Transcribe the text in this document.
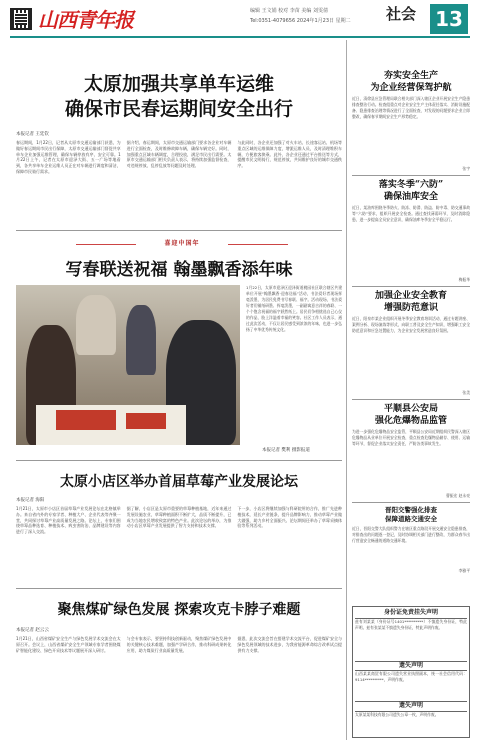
山西青年报	编辑 王文娟 校对 李苗 美编 刘雯倩
Tel:0351-4079656 2024年1月23日 星期二 社会 13
太原加强共享单车运维
确保市民春运期间安全出行
本报记者 王廷钦
春运期间，1月22日，记者从太原市交通运输部门获悉，为做好春运期间市民出行保障，太原市交通运输部门督促共享单车企业加强运维管理，确保车辆停放有序、安全可靠。1月22日上午，记者在太原市迎泽大街、五一广场等地看到，各共享单车企业运维人员正在对车辆进行调度和清洁，保障市民骑行需求。
据介绍，春运期间，太原市交通运输部门要求各企业对车辆进行全面检查，及时维修故障车辆，确保车辆完好。同时，加强重点区域车辆调度，合理投放，满足市民出行需要。太原市交通运输部门相关负责人表示，将持续加强监督检查，对违规停放、乱停乱放等问题及时处理。
与此同时，各企业还加强了对火车站、长途客运站、机场等重点区域的运维保障力度，增派运维人员，及时清理堆积车辆，方便旅客换乘。此外，各企业还通过平台推送等方式，提醒市民文明骑行，规范停放，共同维护良好的城市交通秩序。
喜迎中国年
写春联送祝福 翰墨飘香添年味
1月22日，太原市迎泽区迎泽街道桃园社区联合辖区共建单位开展“翰墨飘香·迎春送福”活动，书法爱好者现场挥毫泼墨，为居民免费书写春联、福字。活动现场，书法爱好者们铺纸研墨、挥毫泼墨，一副副寓意吉祥的春联、一个个饱含祝福的福字跃然纸上。居民们争相挑选自己心仪的作品，脸上洋溢着幸福的笑容。社区工作人员表示，通过此次活动，不仅让居民感受到浓浓的年味，也进一步弘扬了中华优秀传统文化。
本报记者 樊利 摄影报道
太原小店区举办首届草莓产业发展论坛
本报记者 海阳
1月21日，太原市小店区首届草莓产业发展论坛在北格镇举办。来自省内外的专家学者、种植大户、企业代表等齐聚一堂，共同探讨草莓产业高质量发展之路。论坛上，专家们围绕草莓品种选育、种植技术、病虫害防治、品牌建设等内容进行了深入交流。
据了解，小店区是太原市重要的草莓种植基地，近年来通过发展设施农业，草莓种植面积不断扩大，品质不断提升，已成为当地农民增收致富的特色产业。此次论坛的举办，为推动小店区草莓产业发展提供了智力支持和技术支撑。
下一步，小店区将继续加强与科研院所的合作，推广先进种植技术，延长产业链条，提升品牌影响力，推动草莓产业做大做强，助力乡村全面振兴。论坛期间还举办了草莓采摘体验等系列活动。
聚焦煤矿绿色发展 探索攻克卡脖子难题
本报记者 赵云云
1月21日，山西省煤矿安全生产与绿色发展学术交流会在太原召开。会议上，山西省煤矿安全生产领域专家学者围绕煤矿智能化建设、绿色开采技术等议题展开深入研讨。
与会专家表示，要坚持科技创新驱动，聚焦煤矿绿色发展中的关键核心技术难题，加强产学研合作，推动科研成果转化应用，助力煤炭行业高质量发展。
据悉，此次交流会旨在搭建学术交流平台，促进煤矿安全与绿色发展领域的技术进步，为我省能源革命综合改革试点提供有力支撑。
夯实安全生产
为企业经营保驾护航
近日，清徐县应急管理局联合相关部门深入辖区企业开展安全生产隐患排查整治行动。检查组重点对企业安全生产主体责任落实、消防设施配备、隐患排查治理等情况进行了全面检查，对发现的问题要求企业立即整改，确保春节期间安全生产形势稳定。
张宇
落实冬季“六防”
确保油库安全
近日，某油库围绕冬季防火、防冻、防滑、防盗、防中毒、防交通事故等“六防”要求，组织开展安全检查。通过查找薄弱环节，及时消除隐患，进一步提高全员安全意识，确保油库冬季安全平稳运行。
梅振华
加强企业安全教育
增强防范意识
近日，阳泉市某企业组织开展冬季安全教育培训活动，通过专题讲座、案例分析、现场演练等形式，向职工普及安全生产知识，增强职工安全防范意识和应急处置能力，为企业安全发展营造良好氛围。
张美
平顺县公安局
强化危爆物品监管
为进一步强化危爆物品安全监管，平顺县公安局近期组织民警深入辖区危爆物品从业单位开展安全检查，重点检查危爆物品储存、使用、运输等环节，督促企业落实安全责任，严防各类事故发生。
曹振宏 赵永亮
晋阳交警强化排查
保障道路交通安全
近日，晋阳交警大队组织警力在辖区重点路段开展交通安全隐患排查，对排查出的问题逐一登记，及时协调相关部门进行整改，为群众春节出行营造安全畅通的道路交通环境。
李雅平
身份证免责挂失声明
兹有刘某某（身份证号1401**********）不慎遗失身份证，特此声明。兹有张某某不慎遗失身份证，特此声明作废。
遗失声明
山西某某商贸有限公司遗失营业执照副本，统一社会信用代码：9114**********，声明作废。
遗失声明
太原某某科技有限公司遗失公章一枚，声明作废。
